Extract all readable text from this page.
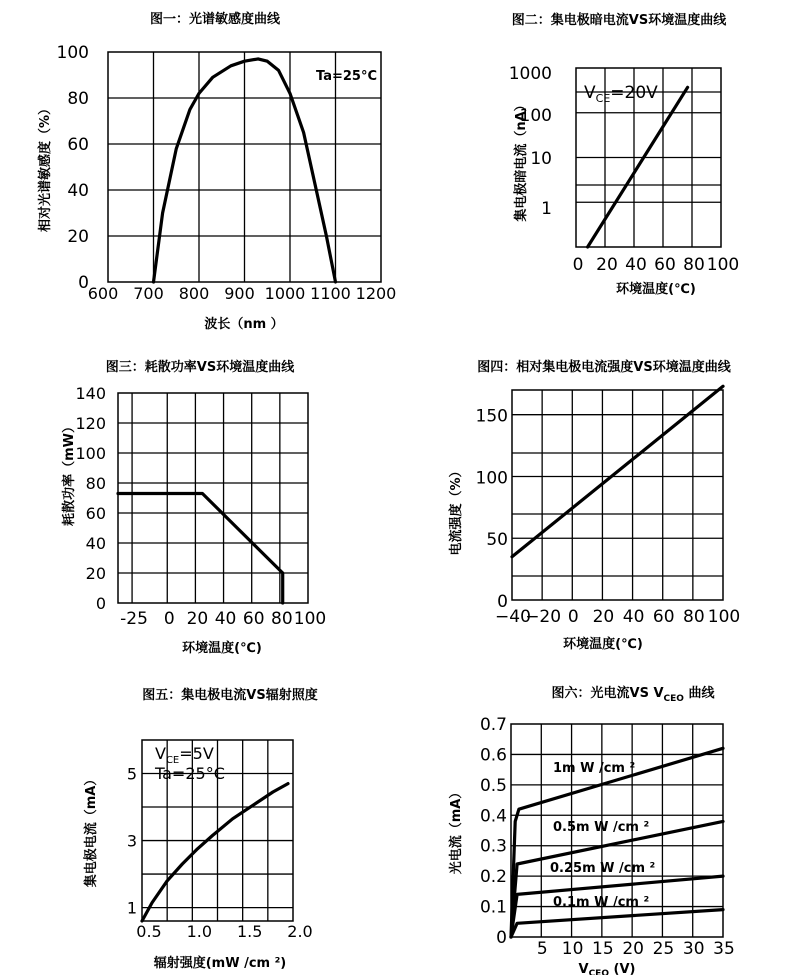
图一：光谱敏感度曲线
600 700 800 900 1000 1100 1200
0
20
40
60
80
100
波长（nm ）
相对光谱敏感度（%）
Ta=25°C
图二：集电极暗电流VS环境温度曲线
0 20 40 60 80 100
1
10
100
1000
环境温度(℃)
集电极暗电流（nA）
$V_{CE}=20V$
图三：耗散功率VS环境温度曲线
-25 0 20 40 60 80 100
0
20
40
60
80
100
120
140
环境温度(℃)
耗散功率（mW）
图四：相对集电极电流强度VS环境温度曲线
−40
−20 0 20 40 60 80 100
0
50
100
150
环境温度(℃)
电流强度（%）
图五：集电极电流VS辐射照度
0.5 1.0 1.5 2.0
1
3
5
辐射强度(mW /cm ²)
集电极电流（mA）
$V_{CE}=5V$
Ta=25°C
图六：光电流VS $V_{CEO}$ 曲线
5 10 15 20 25 30 35
0
0.1
0.2
0.3
0.4
0.5
0.6
0.7
$V_{CEO}$ (V)
光电流（mA）
1m W /cm ²
0.5m W /cm ²
0.25m W /cm ²
0.1m W /cm ²
